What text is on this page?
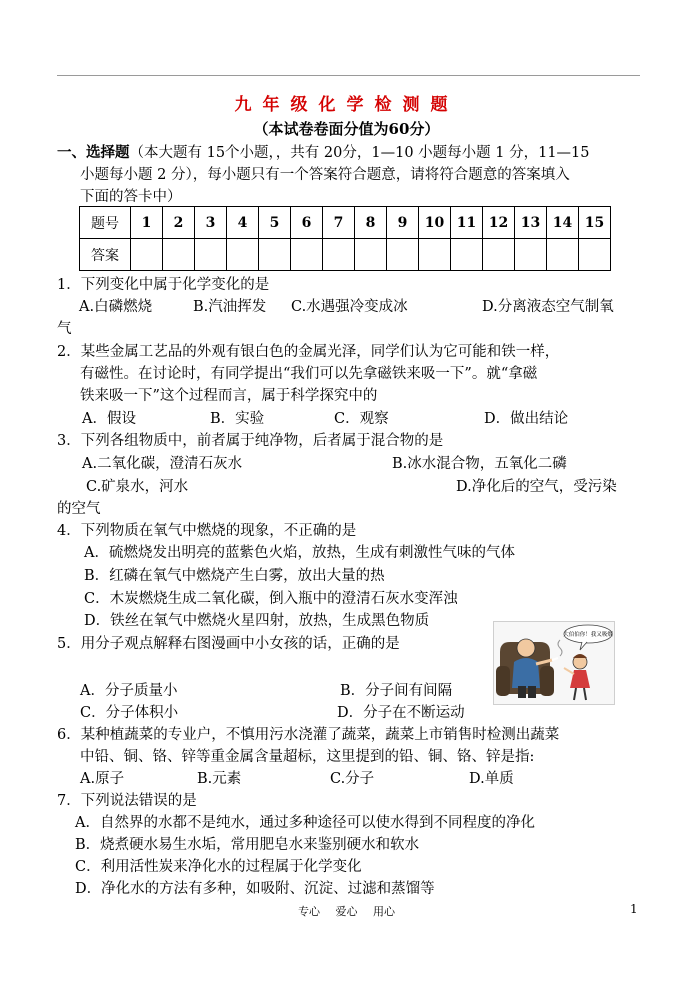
九年级化学检测题
（本试卷卷面分值为60分）
一、选择题（本大题有 15个小题，，共有 20分，1—10 小题每小题 1 分，11—15
小题每小题 2 分），每小题只有一个答案符合题意，请将符合题意的答案填入
下面的答卡中）
题号	1	2	3	4	5	6	7	8	9	10	11	12	13	14	15
答案															
1．下列变化中属于化学变化的是
A.白磷燃烧	B.汽油挥发 C.水遇强冷变成冰	D.分离液态空气制氧
气
2．某些金属工艺品的外观有银白色的金属光泽，同学们认为它可能和铁一样，
有磁性。在讨论时，有同学提出“我们可以先拿磁铁来吸一下”。就“拿磁
铁来吸一下”这个过程而言，属于科学探究中的
A．假设	B．实验	C．观察	D．做出结论
3．下列各组物质中，前者属于纯净物，后者属于混合物的是
A.二氧化碳，澄清石灰水	B.冰水混合物，五氧化二磷
C.矿泉水，河水	D.净化后的空气，受污染
的空气
4．下列物质在氧气中燃烧的现象，不正确的是
A．硫燃烧发出明亮的蓝紫色火焰，放热，生成有刺激性气味的气体
B．红磷在氧气中燃烧产生白雾，放出大量的热
C．木炭燃烧生成二氧化碳，倒入瓶中的澄清石灰水变浑浊
D．铁丝在氧气中燃烧火星四射，放热，生成黑色物质
5．用分子观点解释右图漫画中小女孩的话，正确的是
大伯伯你！我又吸烟
A．分子质量小	B．分子间有间隔
C．分子体积小	D．分子在不断运动
6．某种植蔬菜的专业户，不慎用污水浇灌了蔬菜，蔬菜上市销售时检测出蔬菜
中铅、铜、铬、锌等重金属含量超标，这里提到的铅、铜、铬、锌是指:
A.原子	B.元素	C.分子	D.单质
7．下列说法错误的是
A．自然界的水都不是纯水，通过多种途径可以使水得到不同程度的净化
B．烧煮硬水易生水垢，常用肥皂水来鉴别硬水和软水
C．利用活性炭来净化水的过程属于化学变化
D．净化水的方法有多种，如吸附、沉淀、过滤和蒸馏等
专心 爱心 用心	1
